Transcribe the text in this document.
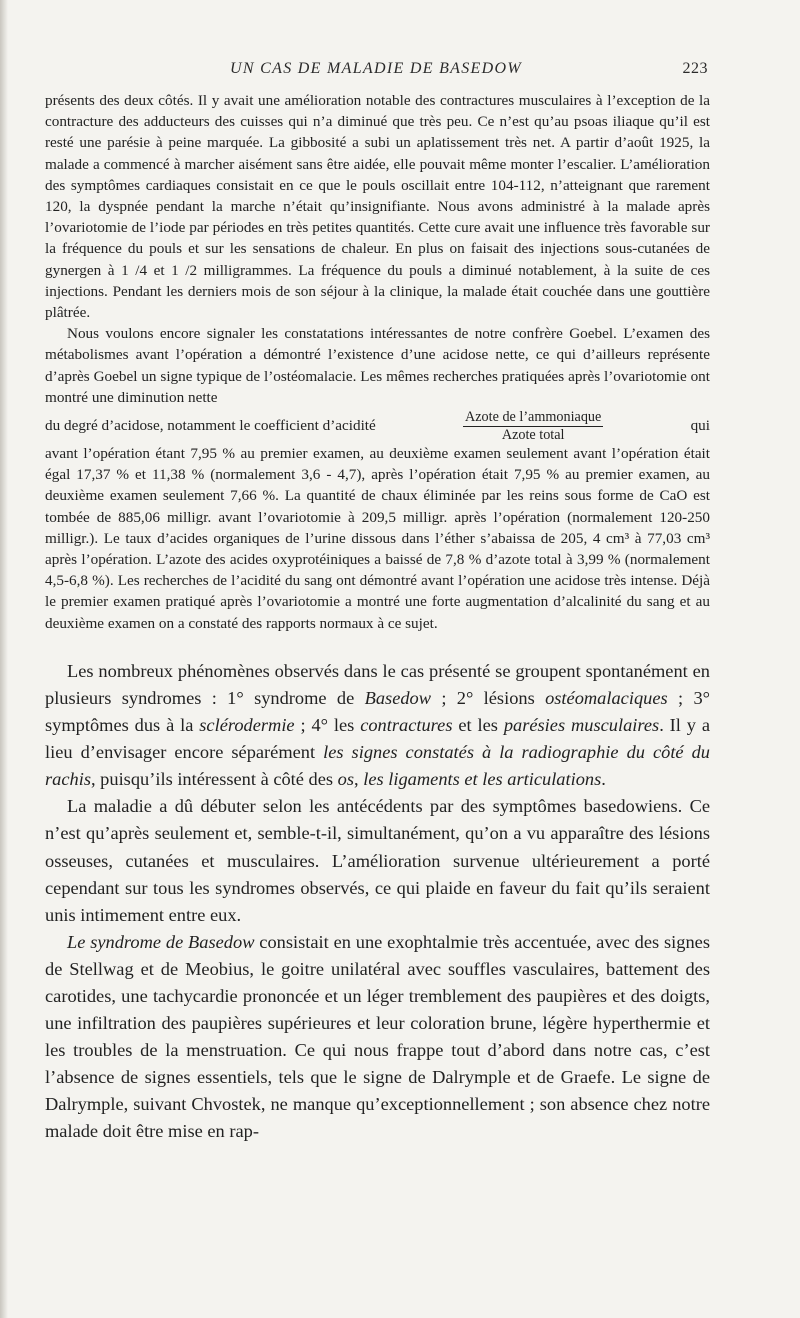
UN CAS DE MALADIE DE BASEDOW	223

présents des deux côtés. Il y avait une amélioration notable des contractures musculaires à l’exception de la contracture des adducteurs des cuisses qui n’a diminué que très peu. Ce n’est qu’au psoas iliaque qu’il est resté une parésie à peine marquée. La gibbosité a subi un aplatissement très net. A partir d’août 1925, la malade a commencé à marcher aisément sans être aidée, elle pouvait même monter l’escalier. L’amélioration des symptômes cardiaques consistait en ce que le pouls oscillait entre 104-112, n’atteignant que rarement 120, la dyspnée pendant la marche n’était qu’insignifiante. Nous avons administré à la malade après l’ovariotomie de l’iode par périodes en très petites quantités. Cette cure avait une influence très favorable sur la fréquence du pouls et sur les sensations de chaleur. En plus on faisait des injections sous-cutanées de gynergen à 1 /4 et 1 /2 milligrammes. La fréquence du pouls a diminué notablement, à la suite de ces injections. Pendant les derniers mois de son séjour à la clinique, la malade était couchée dans une gouttière plâtrée.

Nous voulons encore signaler les constatations intéressantes de notre confrère Goebel. L’examen des métabolismes avant l’opération a démontré l’existence d’une acidose nette, ce qui d’ailleurs représente d’après Goebel un signe typique de l’ostéomalacie. Les mêmes recherches pratiquées après l’ovariotomie ont montré une diminution nette

du degré d’acidose, notamment le coefficient d’acidité	$\frac{\text{Azote de l’ammoniaque}}{\text{Azote total}}$	qui

avant l’opération étant 7,95 % au premier examen, au deuxième examen seulement avant l’opération était égal 17,37 % et 11,38 % (normalement 3,6 - 4,7), après l’opération était 7,95 % au premier examen, au deuxième examen seulement 7,66 %. La quantité de chaux éliminée par les reins sous forme de CaO est tombée de 885,06 milligr. avant l’ovariotomie à 209,5 milligr. après l’opération (normalement 120-250 milligr.). Le taux d’acides organiques de l’urine dissous dans l’éther s’abaissa de 205, 4 cm³ à 77,03 cm³ après l’opération. L’azote des acides oxyprotéiniques a baissé de 7,8 % d’azote total à 3,99 % (normalement 4,5-6,8 %). Les recherches de l’acidité du sang ont démontré avant l’opération une acidose très intense. Déjà le premier examen pratiqué après l’ovariotomie a montré une forte augmentation d’alcalinité du sang et au deuxième examen on a constaté des rapports normaux à ce sujet.

Les nombreux phénomènes observés dans le cas présenté se groupent spontanément en plusieurs syndromes : 1° syndrome de Basedow ; 2° lésions ostéomalaciques ; 3° symptômes dus à la sclérodermie ; 4° les contractures et les parésies musculaires. Il y a lieu d’envisager encore séparément les signes constatés à la radiographie du côté du rachis, puisqu’ils intéressent à côté des os, les ligaments et les articulations.

La maladie a dû débuter selon les antécédents par des symptômes basedowiens. Ce n’est qu’après seulement et, semble-t-il, simultanément, qu’on a vu apparaître des lésions osseuses, cutanées et musculaires. L’amélioration survenue ultérieurement a porté cependant sur tous les syndromes observés, ce qui plaide en faveur du fait qu’ils seraient unis intimement entre eux.

Le syndrome de Basedow consistait en une exophtalmie très accentuée, avec des signes de Stellwag et de Meobius, le goitre unilatéral avec souffles vasculaires, battement des carotides, une tachycardie prononcée et un léger tremblement des paupières et des doigts, une infiltration des paupières supérieures et leur coloration brune, légère hyperthermie et les troubles de la menstruation. Ce qui nous frappe tout d’abord dans notre cas, c’est l’absence de signes essentiels, tels que le signe de Dalrymple et de Graefe. Le signe de Dalrymple, suivant Chvostek, ne manque qu’exceptionnellement ; son absence chez notre malade doit être mise en rap-
